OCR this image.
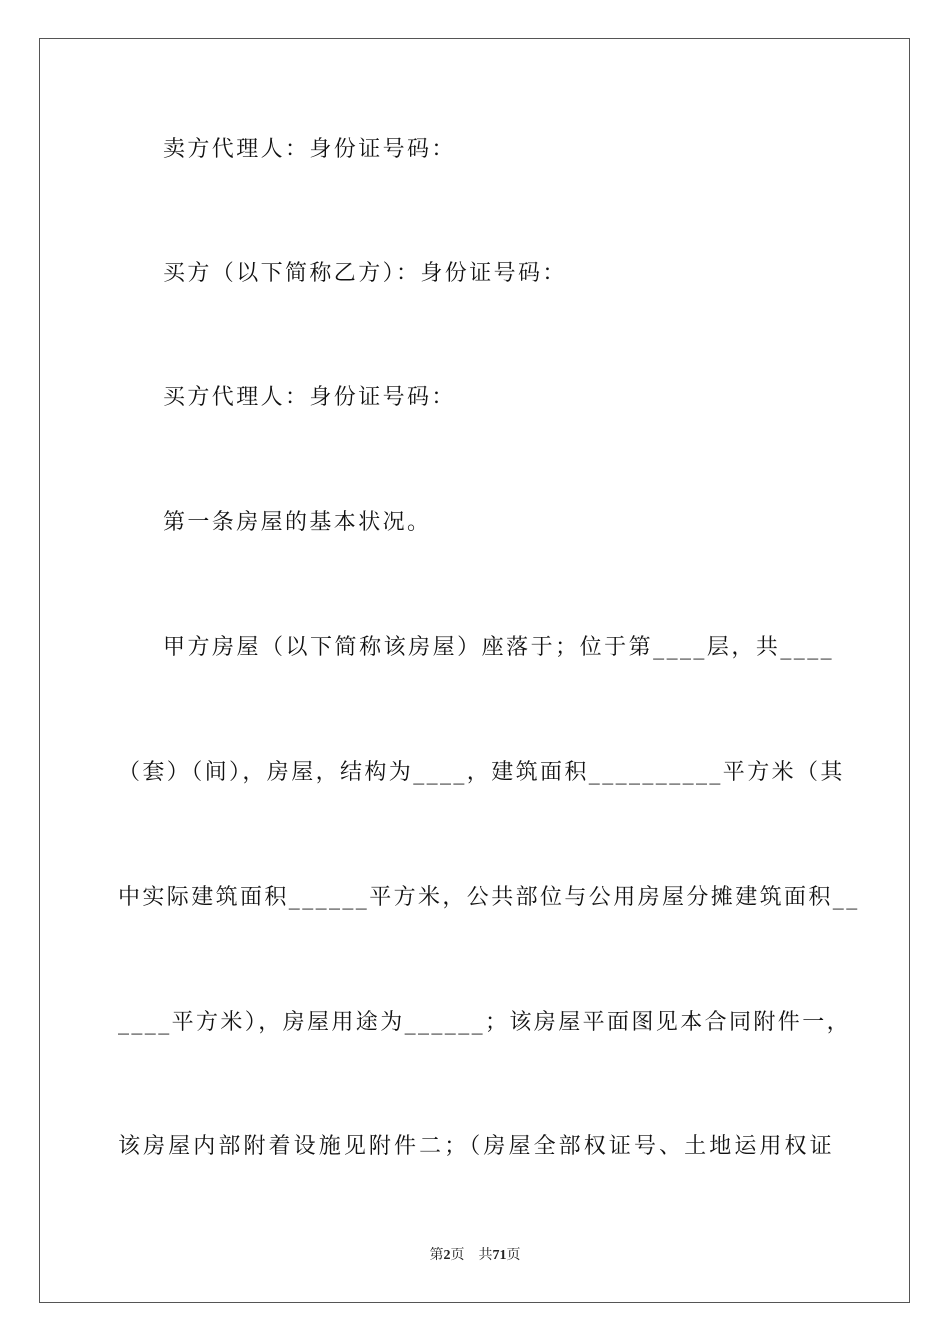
卖方代理人：身份证号码：
买方（以下简称乙方）：身份证号码：
买方代理人：身份证号码：
第一条房屋的基本状况。
甲方房屋（以下简称该房屋）座落于；位于第____层，共____
（套）（间），房屋，结构为____，建筑面积__________平方米（其
中实际建筑面积______平方米，公共部位与公用房屋分摊建筑面积__
____平方米），房屋用途为______；该房屋平面图见本合同附件一，
该房屋内部附着设施见附件二；（房屋全部权证号、土地运用权证
第2页 共71页
